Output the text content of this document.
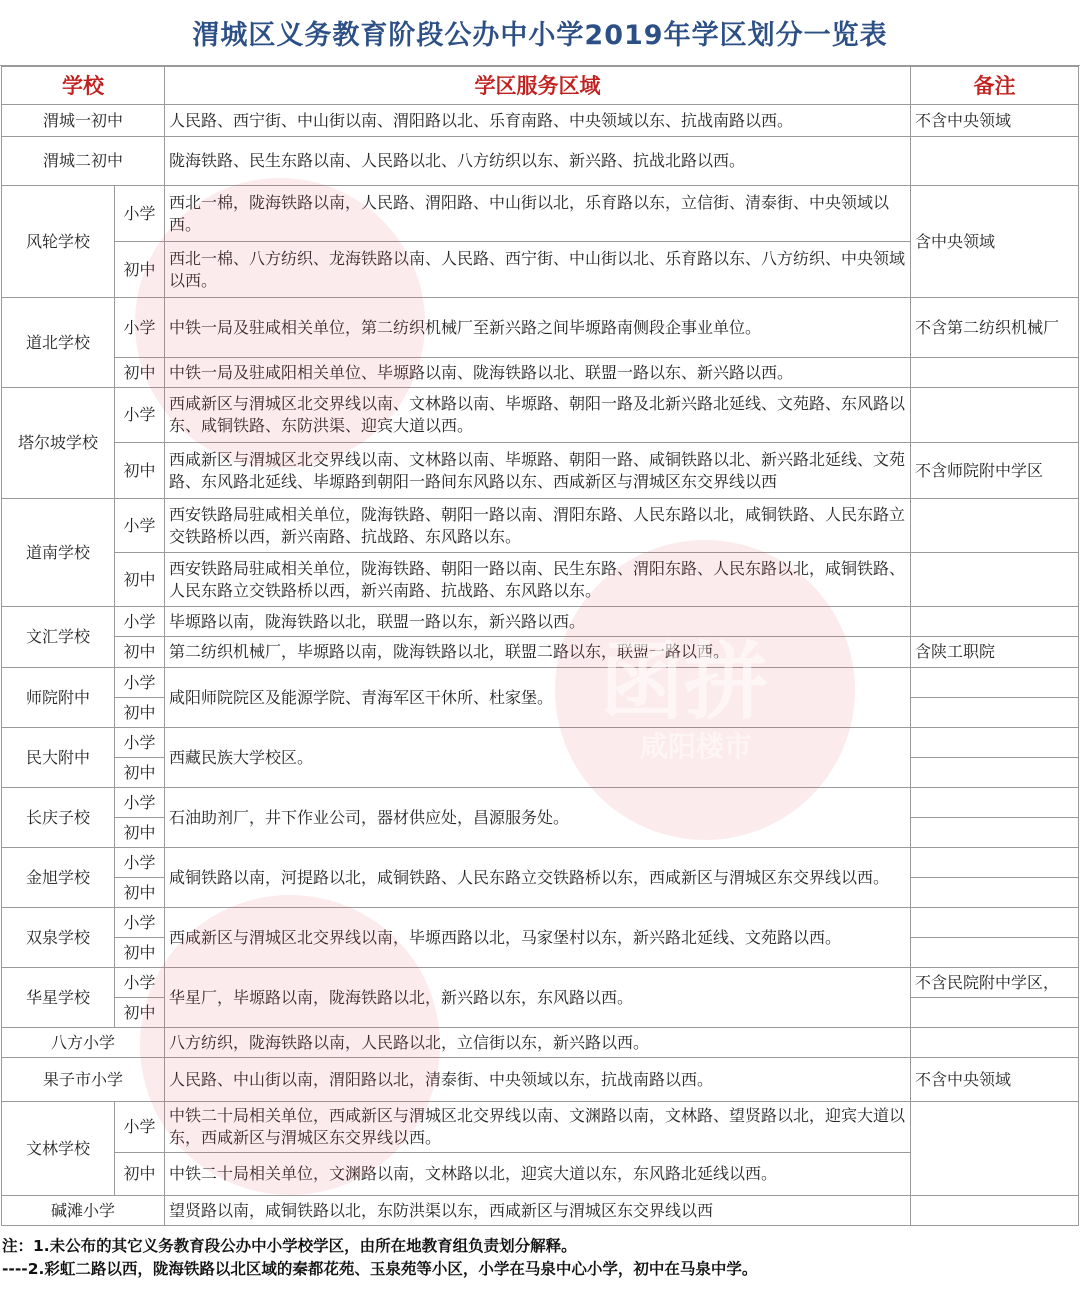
渭城区义务教育阶段公办中小学2019年学区划分一览表
学校		学区服务区域	备注
渭城一初中		人民路、西宁街、中山街以南、渭阳路以北、乐育南路、中央领域以东、抗战南路以西。	不含中央领域
渭城二初中		陇海铁路、民生东路以南、人民路以北、八方纺织以东、新兴路、抗战北路以西。	
风轮学校	小学	西北一棉，陇海铁路以南，人民路、渭阳路、中山街以北，乐育路以东，立信街、清泰街、中央领域以西。	含中央领域
	初中	西北一棉、八方纺织、龙海铁路以南、人民路、西宁街、中山街以北、乐育路以东、八方纺织、中央领域以西。	
道北学校	小学	中铁一局及驻咸相关单位，第二纺织机械厂至新兴路之间毕塬路南侧段企事业单位。	不含第二纺织机械厂
	初中	中铁一局及驻咸阳相关单位、毕塬路以南、陇海铁路以北、联盟一路以东、新兴路以西。	
塔尔坡学校	小学	西咸新区与渭城区北交界线以南、文林路以南、毕塬路、朝阳一路及北新兴路北延线、文苑路、东风路以东、咸铜铁路、东防洪渠、迎宾大道以西。	
	初中	西咸新区与渭城区北交界线以南、文林路以南、毕塬路、朝阳一路、咸铜铁路以北、新兴路北延线、文苑路、东风路北延线、毕塬路到朝阳一路间东风路以东、西咸新区与渭城区东交界线以西	不含师院附中学区
道南学校	小学	西安铁路局驻咸相关单位，陇海铁路、朝阳一路以南、渭阳东路、人民东路以北，咸铜铁路、人民东路立交铁路桥以西，新兴南路、抗战路、东风路以东。	
	初中	西安铁路局驻咸相关单位，陇海铁路、朝阳一路以南、民生东路、渭阳东路、人民东路以北，咸铜铁路、人民东路立交铁路桥以西，新兴南路、抗战路、东风路以东。	
文汇学校	小学	毕塬路以南，陇海铁路以北，联盟一路以东，新兴路以西。	
	初中	第二纺织机械厂，毕塬路以南，陇海铁路以北，联盟二路以东，联盟一路以西。	含陕工职院
师院附中	小学	咸阳师院院区及能源学院、青海军区干休所、杜家堡。	
	初中		
民大附中	小学	西藏民族大学校区。	
	初中		
长庆子校	小学	石油助剂厂，井下作业公司，器材供应处，昌源服务处。	
	初中		
金旭学校	小学	咸铜铁路以南，河提路以北，咸铜铁路、人民东路立交铁路桥以东，西咸新区与渭城区东交界线以西。	
	初中		
双泉学校	小学	西咸新区与渭城区北交界线以南，毕塬西路以北，马家堡村以东，新兴路北延线、文苑路以西。	
	初中		
华星学校	小学	华星厂，毕塬路以南，陇海铁路以北，新兴路以东，东风路以西。	不含民院附中学区，
	初中		
八方小学		八方纺织，陇海铁路以南，人民路以北，立信街以东，新兴路以西。	
果子市小学		人民路、中山街以南，渭阳路以北，清泰街、中央领域以东，抗战南路以西。	不含中央领域
文林学校	小学	中铁二十局相关单位，西咸新区与渭城区北交界线以南、文渊路以南，文林路、望贤路以北，迎宾大道以东，西咸新区与渭城区东交界线以西。	
	初中	中铁二十局相关单位，文渊路以南，文林路以北，迎宾大道以东，东风路北延线以西。	
碱滩小学		望贤路以南，咸铜铁路以北，东防洪渠以东，西咸新区与渭城区东交界线以西	
注：1.未公布的其它义务教育段公办中小学校学区，由所在地教育组负责划分解释。
----2.彩虹二路以西，陇海铁路以北区域的秦都花苑、玉泉苑等小区，小学在马泉中心小学，初中在马泉中学。
函拼
咸阳楼市
